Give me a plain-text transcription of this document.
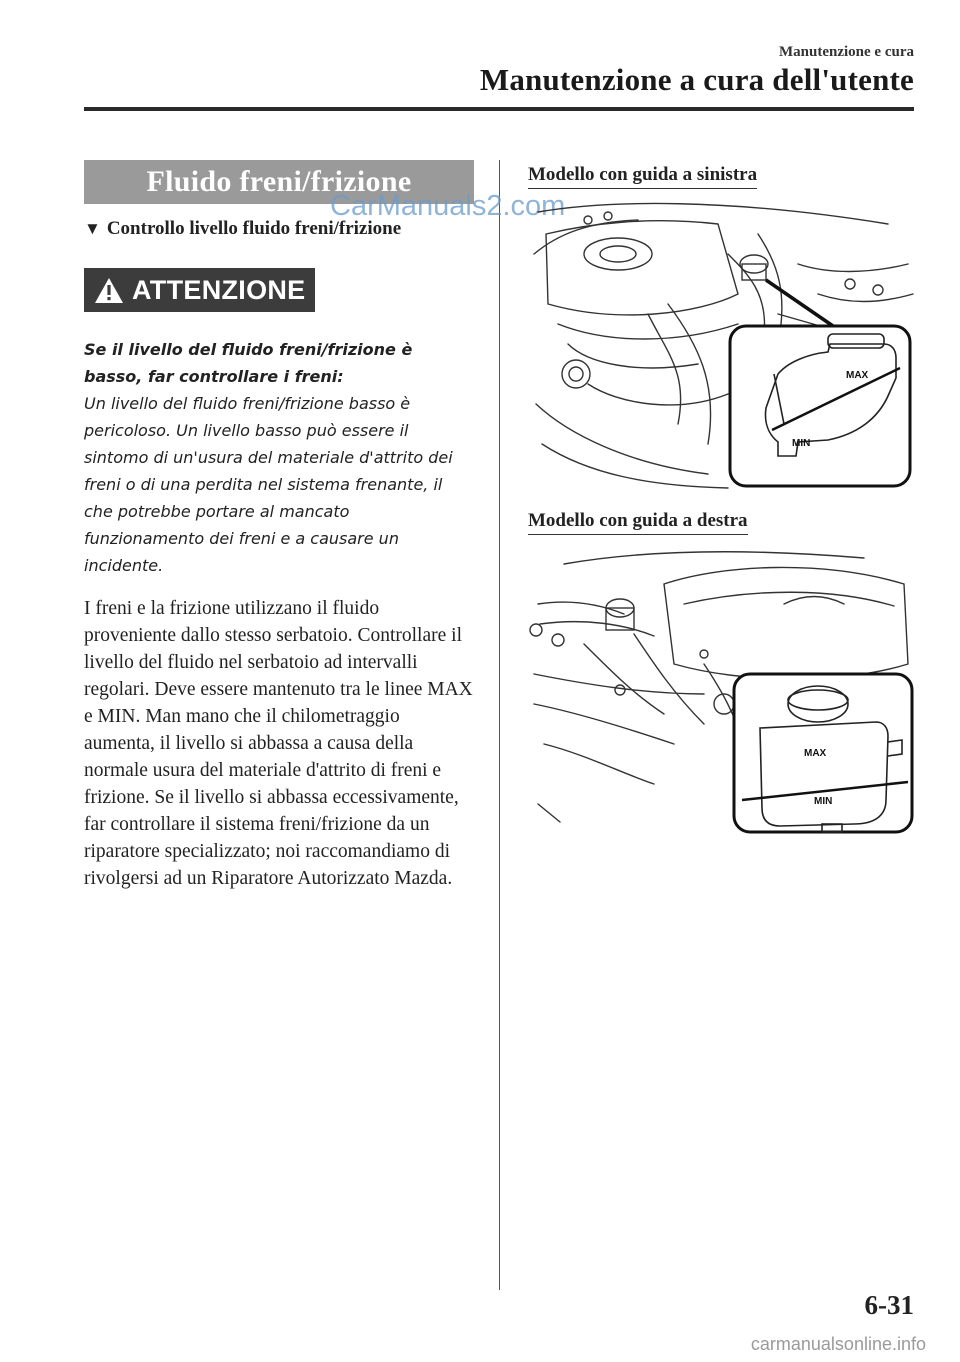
Manutenzione e cura
Manutenzione a cura dell'utente
Fluido freni/frizione
▼ Controllo livello fluido freni/frizione
ATTENZIONE
Se il livello del fluido freni/frizione è basso, far controllare i freni:
Un livello del fluido freni/frizione basso è pericoloso. Un livello basso può essere il sintomo di un'usura del materiale d'attrito dei freni o di una perdita nel sistema frenante, il che potrebbe portare al mancato funzionamento dei freni e a causare un incidente.
I freni e la frizione utilizzano il fluido proveniente dallo stesso serbatoio. Controllare il livello del fluido nel serbatoio ad intervalli regolari. Deve essere mantenuto tra le linee MAX e MIN. Man mano che il chilometraggio aumenta, il livello si abbassa a causa della normale usura del materiale d'attrito di freni e frizione. Se il livello si abbassa eccessivamente, far controllare il sistema freni/frizione da un riparatore specializzato; noi raccomandiamo di rivolgersi ad un Riparatore Autorizzato Mazda.
CarManuals2.com
Modello con guida a sinistra
MAX
MIN
Modello con guida a destra
MAX
MIN
6-31
carmanualsonline.info
